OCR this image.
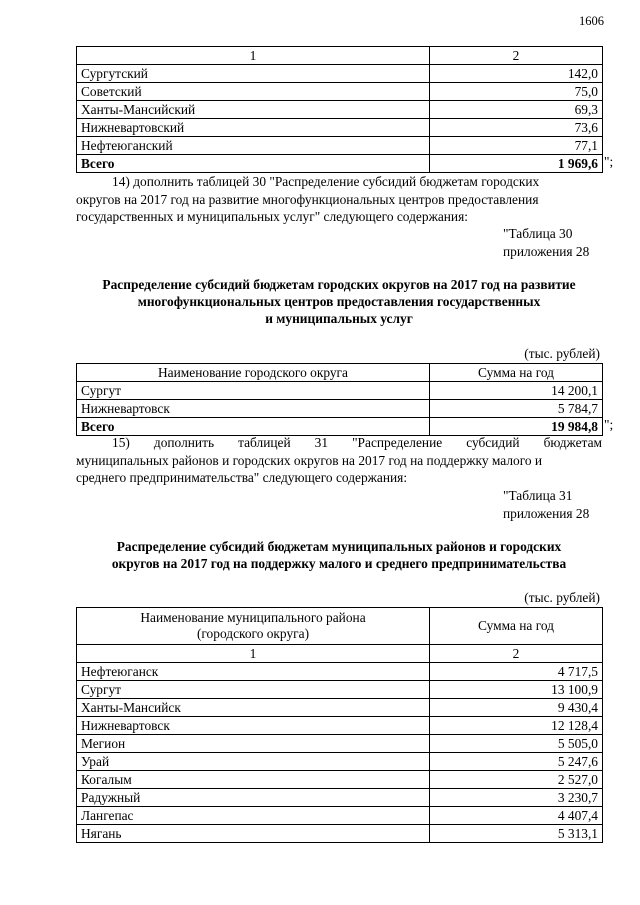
1606
1	2
Сургутский	142,0
Советский	75,0
Ханты-Мансийский	69,3
Нижневартовский	73,6
Нефтеюганский	77,1
Всего	1 969,6 ";
14) дополнить таблицей 30 "Распределение субсидий бюджетам городских
округов на 2017 год на развитие многофункциональных центров предоставления
государственных и муниципальных услуг" следующего содержания:
"Таблица 30
приложения 28
Распределение субсидий бюджетам городских округов на 2017 год на развитие
многофункциональных центров предоставления государственных
и муниципальных услуг
(тыс. рублей)
Наименование городского округа	Сумма на год
Сургут	14 200,1
Нижневартовск	5 784,7
Всего	19 984,8 ";
15) дополнить таблицей 31 "Распределение субсидий бюджетам
муниципальных районов и городских округов на 2017 год на поддержку малого и
среднего предпринимательства" следующего содержания:
"Таблица 31
приложения 28
Распределение субсидий бюджетам муниципальных районов и городских
округов на 2017 год на поддержку малого и среднего предпринимательства
(тыс. рублей)
Наименование муниципального района
(городского округа)	Сумма на год
1	2
Нефтеюганск	4 717,5
Сургут	13 100,9
Ханты-Мансийск	9 430,4
Нижневартовск	12 128,4
Мегион	5 505,0
Урай	5 247,6
Когалым	2 527,0
Радужный	3 230,7
Лангепас	4 407,4
Нягань	5 313,1
